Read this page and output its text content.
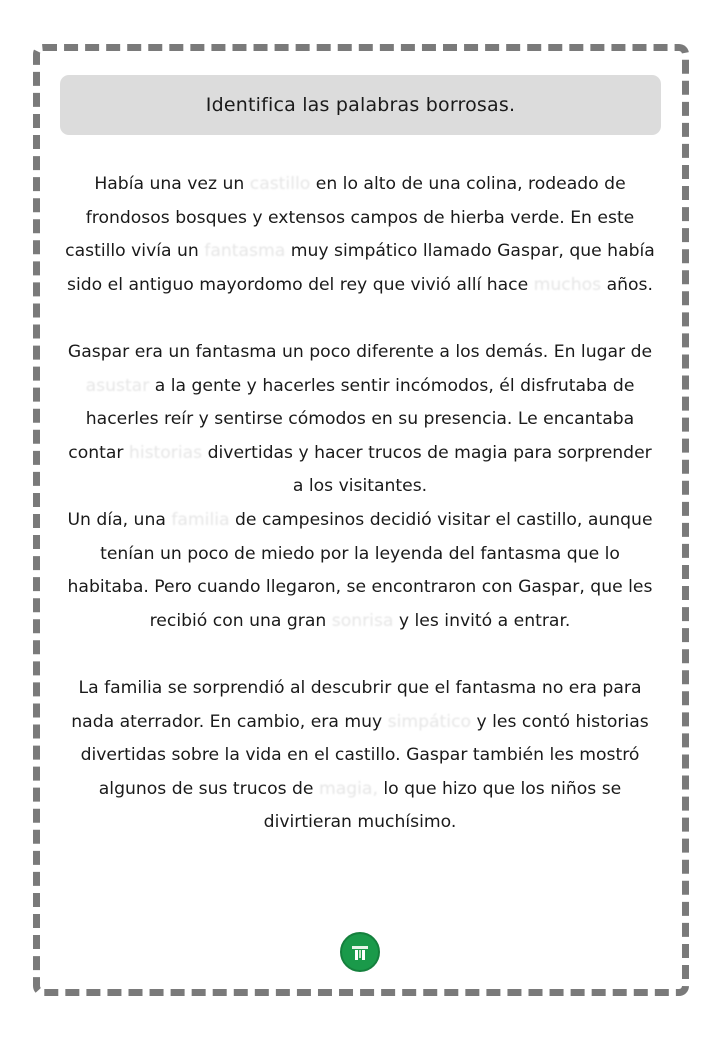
Identifica las palabras borrosas.

Había una vez un castillo en lo alto de una colina, rodeado de frondosos bosques y extensos campos de hierba verde. En este castillo vivía un fantasma muy simpático llamado Gaspar, que había sido el antiguo mayordomo del rey que vivió allí hace muchos años.

Gaspar era un fantasma un poco diferente a los demás. En lugar de asustar a la gente y hacerles sentir incómodos, él disfrutaba de hacerles reír y sentirse cómodos en su presencia. Le encantaba contar historias divertidas y hacer trucos de magia para sorprender a los visitantes.

Un día, una familia de campesinos decidió visitar el castillo, aunque tenían un poco de miedo por la leyenda del fantasma que lo habitaba. Pero cuando llegaron, se encontraron con Gaspar, que les recibió con una gran sonrisa y les invitó a entrar.

La familia se sorprendió al descubrir que el fantasma no era para nada aterrador. En cambio, era muy simpático y les contó historias divertidas sobre la vida en el castillo. Gaspar también les mostró algunos de sus trucos de magia, lo que hizo que los niños se divirtieran muchísimo.
